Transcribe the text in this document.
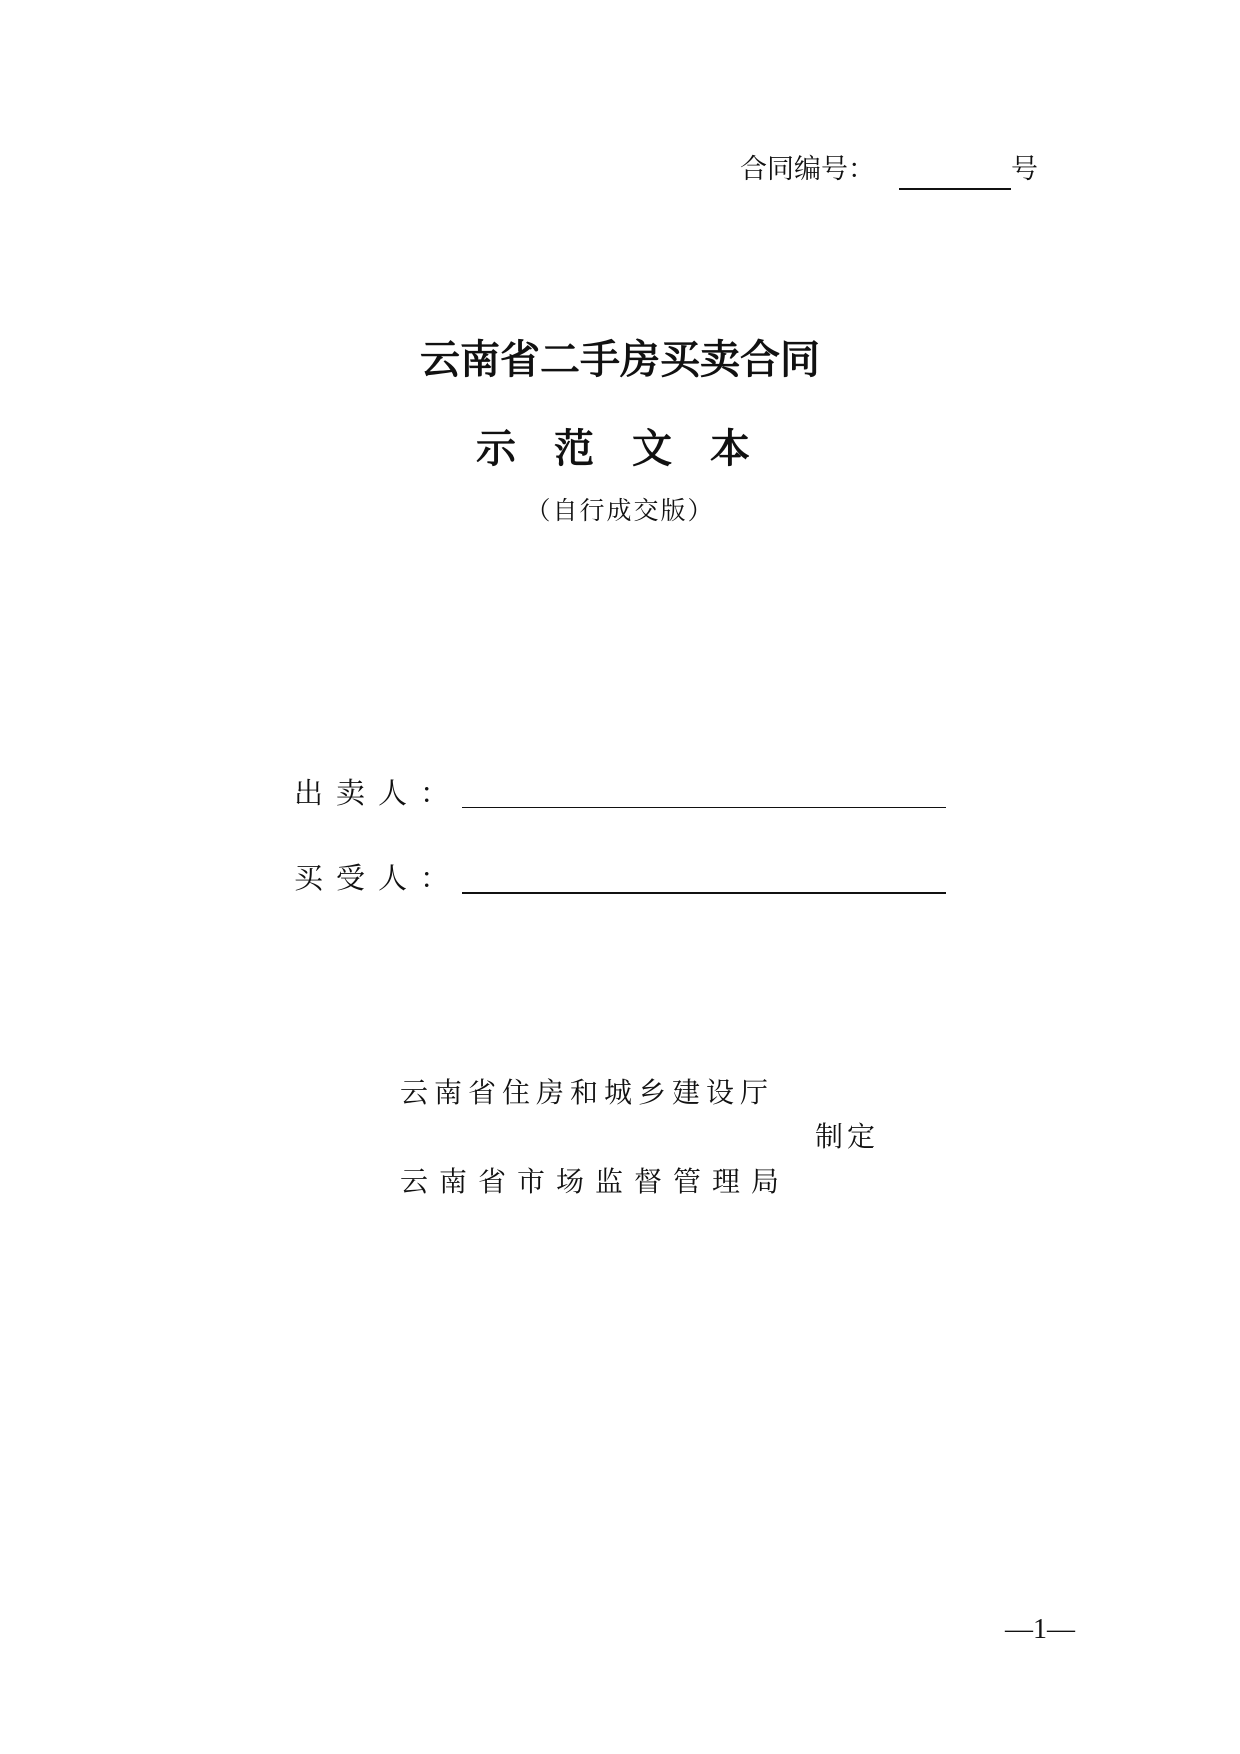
合同编号：	号
云南省二手房买卖合同
示范文本
（自行成交版）
出卖人：
买受人：
云南省住房和城乡建设厅
制定
云南省市场监督管理局
—1—
